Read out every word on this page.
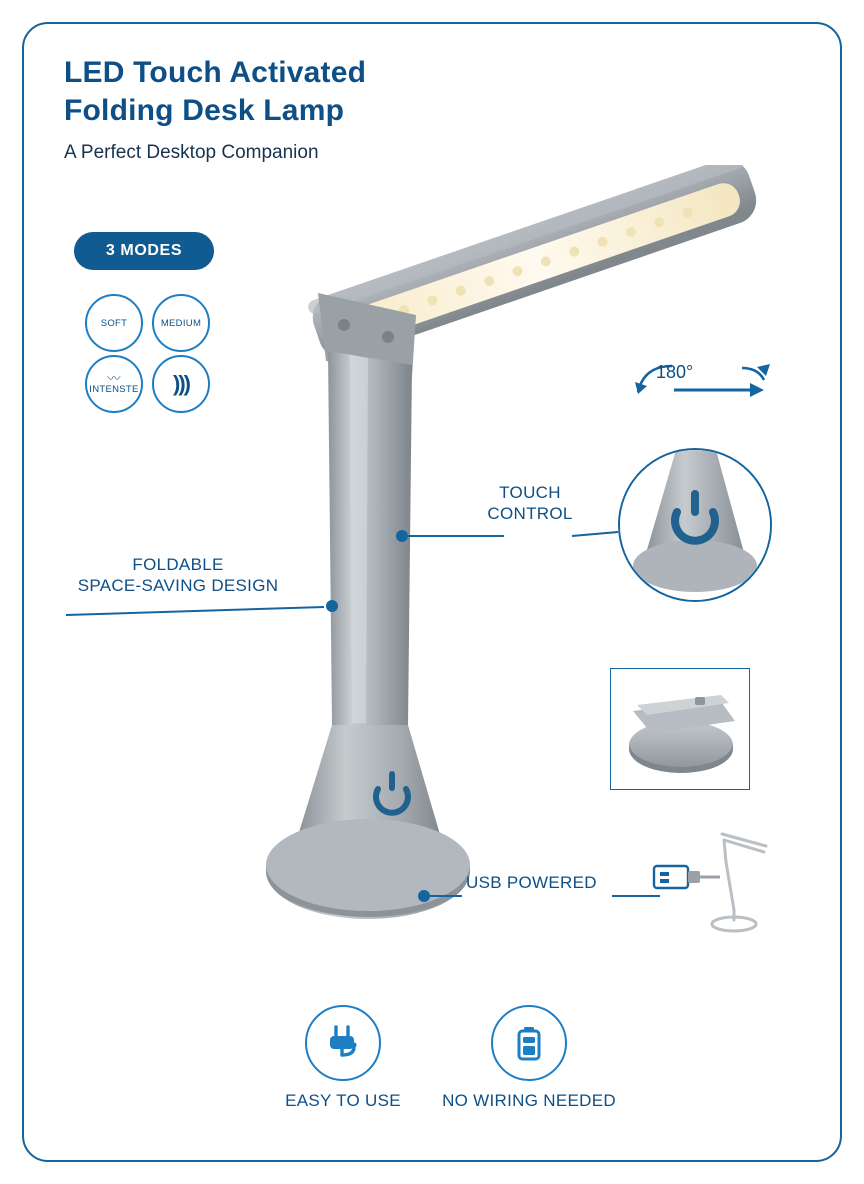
LED Touch Activated
Folding Desk Lamp
A Perfect Desktop Companion
3 MODES
SOFT	MEDIUM
〰
INTENSTE )))	180°
TOUCH
CONTROL
FOLDABLE
SPACE-SAVING DESIGN
USB POWERED
EASY TO USE	NO WIRING NEEDED
